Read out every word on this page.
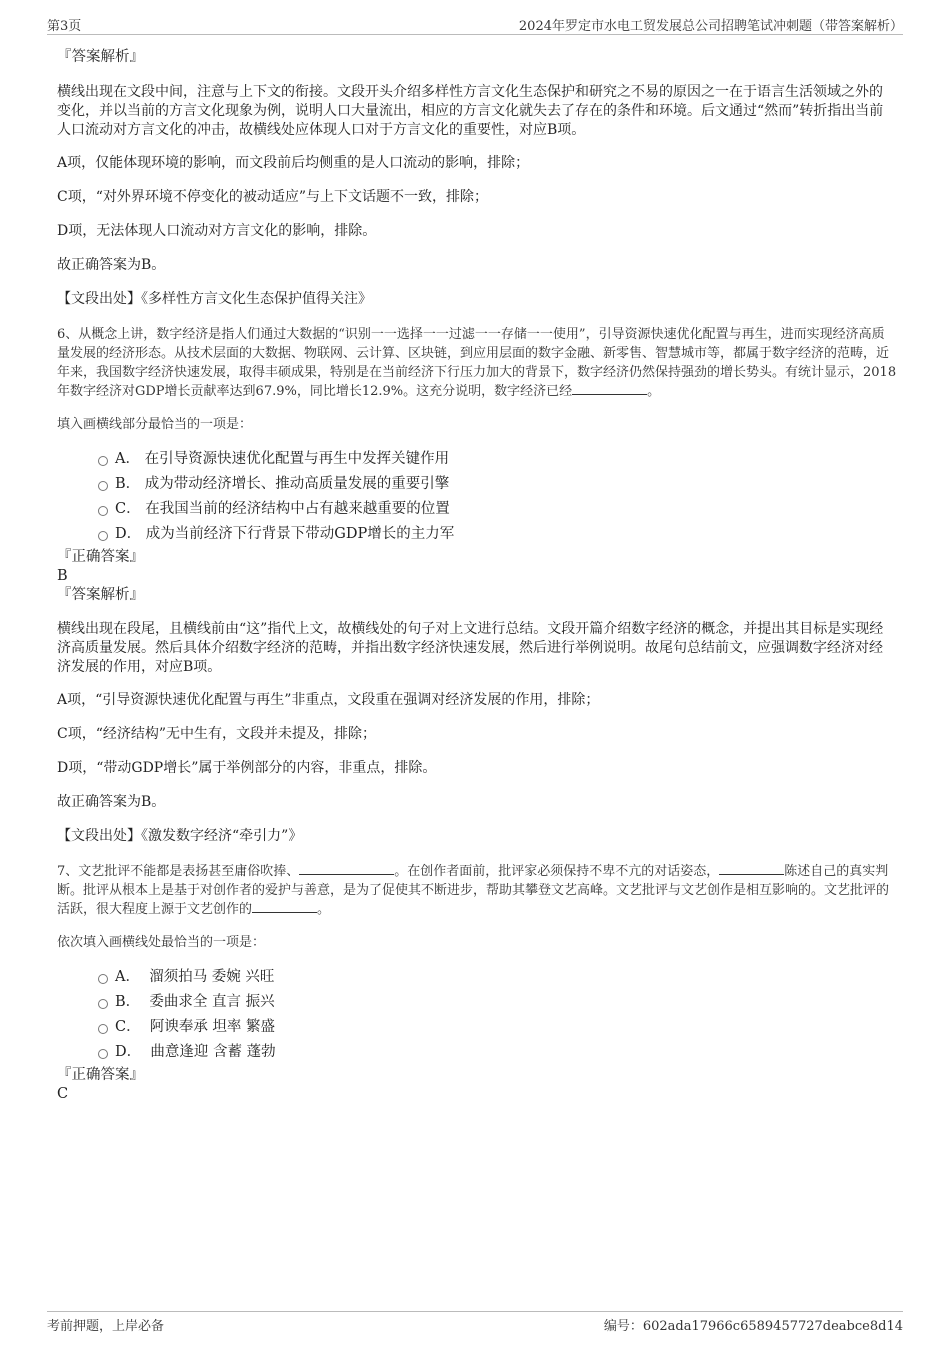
第3页	2024年罗定市水电工贸发展总公司招聘笔试冲刺题（带答案解析）

『答案解析』

横线出现在文段中间，注意与上下文的衔接。文段开头介绍多样性方言文化生态保护和研究之不易的原因之一在于语言生活领域之外的变化，并以当前的方言文化现象为例，说明人口大量流出，相应的方言文化就失去了存在的条件和环境。后文通过“然而”转折指出当前人口流动对方言文化的冲击，故横线处应体现人口对于方言文化的重要性，对应B项。

A项，仅能体现环境的影响，而文段前后均侧重的是人口流动的影响，排除；

C项，“对外界环境不停变化的被动适应”与上下文话题不一致，排除；

D项，无法体现人口流动对方言文化的影响，排除。

故正确答案为B。

【文段出处】《多样性方言文化生态保护值得关注》

6、从概念上讲，数字经济是指人们通过大数据的“识别一一选择一一过滤一一存储一一使用”，引导资源快速优化配置与再生，进而实现经济高质量发展的经济形态。从技术层面的大数据、物联网、云计算、区块链，到应用层面的数字金融、新零售、智慧城市等，都属于数字经济的范畴，近年来，我国数字经济快速发展，取得丰硕成果，特别是在当前经济下行压力加大的背景下，数字经济仍然保持强劲的增长势头。有统计显示，2018年数字经济对GDP增长贡献率达到67.9%，同比增长12.9%。这充分说明，数字经济已经	。

填入画横线部分最恰当的一项是：

A． 在引导资源快速优化配置与再生中发挥关键作用

B． 成为带动经济增长、推动高质量发展的重要引擎

C． 在我国当前的经济结构中占有越来越重要的位置

D． 成为当前经济下行背景下带动GDP增长的主力军

『正确答案』

B

『答案解析』

横线出现在段尾，且横线前由“这”指代上文，故横线处的句子对上文进行总结。文段开篇介绍数字经济的概念，并提出其目标是实现经济高质量发展。然后具体介绍数字经济的范畴，并指出数字经济快速发展，然后进行举例说明。故尾句总结前文，应强调数字经济对经济发展的作用，对应B项。

A项，“引导资源快速优化配置与再生”非重点，文段重在强调对经济发展的作用，排除；

C项，“经济结构”无中生有，文段并未提及，排除；

D项，“带动GDP增长”属于举例部分的内容，非重点，排除。

故正确答案为B。

【文段出处】《激发数字经济“牵引力”》

7、文艺批评不能都是表扬甚至庸俗吹捧、	。在创作者面前，批评家必须保持不卑不亢的对话姿态，	陈述自己的真实判断。批评从根本上是基于对创作者的爱护与善意，是为了促使其不断进步，帮助其攀登文艺高峰。文艺批评与文艺创作是相互影响的。文艺批评的活跃，很大程度上源于文艺创作的	。

依次填入画横线处最恰当的一项是：

A． 溜须拍马 委婉 兴旺

B． 委曲求全 直言 振兴

C． 阿谀奉承 坦率 繁盛

D． 曲意逢迎 含蓄 蓬勃

『正确答案』

C

考前押题，上岸必备	编号：602ada17966c6589457727deabce8d14
